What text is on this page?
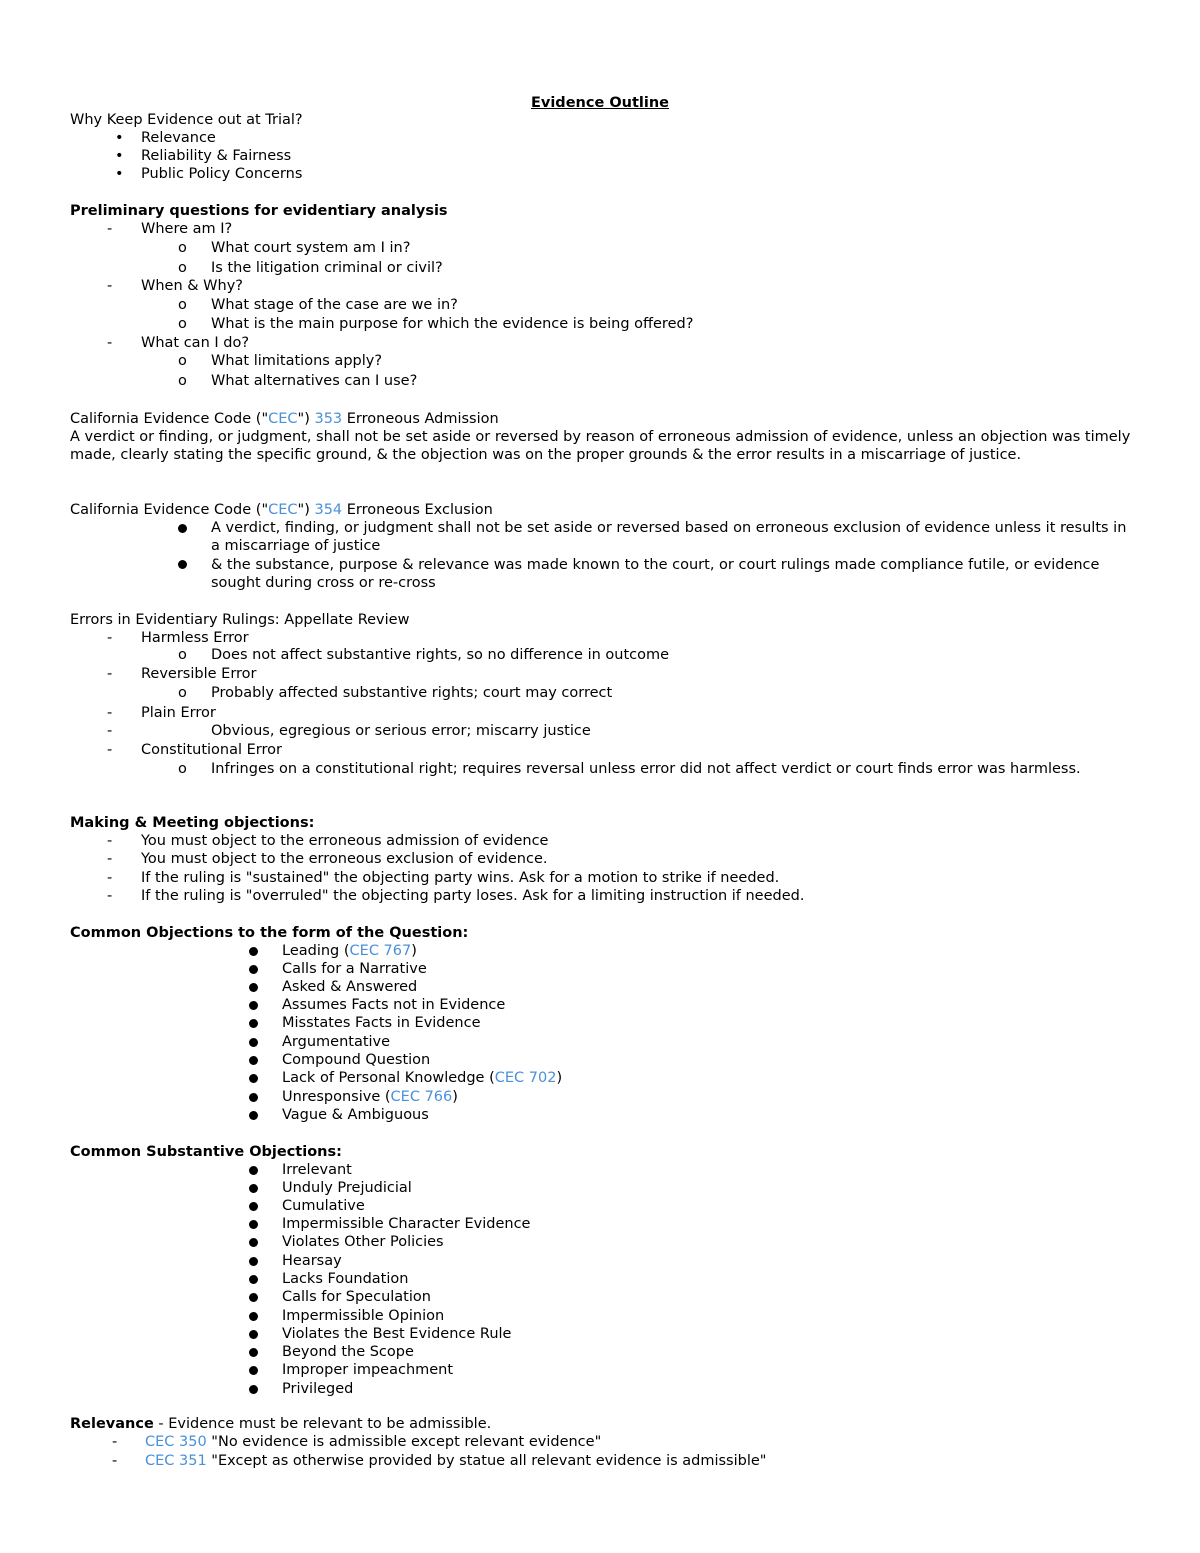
Evidence Outline
Why Keep Evidence out at Trial?
• Relevance
• Reliability & Fairness
• Public Policy Concerns
Preliminary questions for evidentiary analysis
- Where am I?
o What court system am I in?
o Is the litigation criminal or civil?
- When & Why?
o What stage of the case are we in?
o What is the main purpose for which the evidence is being offered?
- What can I do?
o What limitations apply?
o What alternatives can I use?
California Evidence Code ("CEC") 353 Erroneous Admission
A verdict or finding, or judgment, shall not be set aside or reversed by reason of erroneous admission of evidence, unless an objection was timely made, clearly stating the specific ground, & the objection was on the proper grounds & the error results in a miscarriage of justice.
California Evidence Code ("CEC") 354 Erroneous Exclusion
A verdict, finding, or judgment shall not be set aside or reversed based on erroneous exclusion of evidence unless it results in a miscarriage of justice
& the substance, purpose & relevance was made known to the court, or court rulings made compliance futile, or evidence sought during cross or re-cross
Errors in Evidentiary Rulings: Appellate Review
- Harmless Error
o Does not affect substantive rights, so no difference in outcome
- Reversible Error
o Probably affected substantive rights; court may correct
- Plain Error
-	Obvious, egregious or serious error; miscarry justice
- Constitutional Error
o Infringes on a constitutional right; requires reversal unless error did not affect verdict or court finds error was harmless.
Making & Meeting objections:
- You must object to the erroneous admission of evidence
- You must object to the erroneous exclusion of evidence.
- If the ruling is "sustained" the objecting party wins. Ask for a motion to strike if needed.
- If the ruling is "overruled" the objecting party loses. Ask for a limiting instruction if needed.
Common Objections to the form of the Question:
Leading (CEC 767)
Calls for a Narrative
Asked & Answered
Assumes Facts not in Evidence
Misstates Facts in Evidence
Argumentative
Compound Question
Lack of Personal Knowledge (CEC 702)
Unresponsive (CEC 766)
Vague & Ambiguous
Common Substantive Objections:
Irrelevant
Unduly Prejudicial
Cumulative
Impermissible Character Evidence
Violates Other Policies
Hearsay
Lacks Foundation
Calls for Speculation
Impermissible Opinion
Violates the Best Evidence Rule
Beyond the Scope
Improper impeachment
Privileged
Relevance - Evidence must be relevant to be admissible.
- CEC 350 "No evidence is admissible except relevant evidence"
- CEC 351 "Except as otherwise provided by statue all relevant evidence is admissible"
